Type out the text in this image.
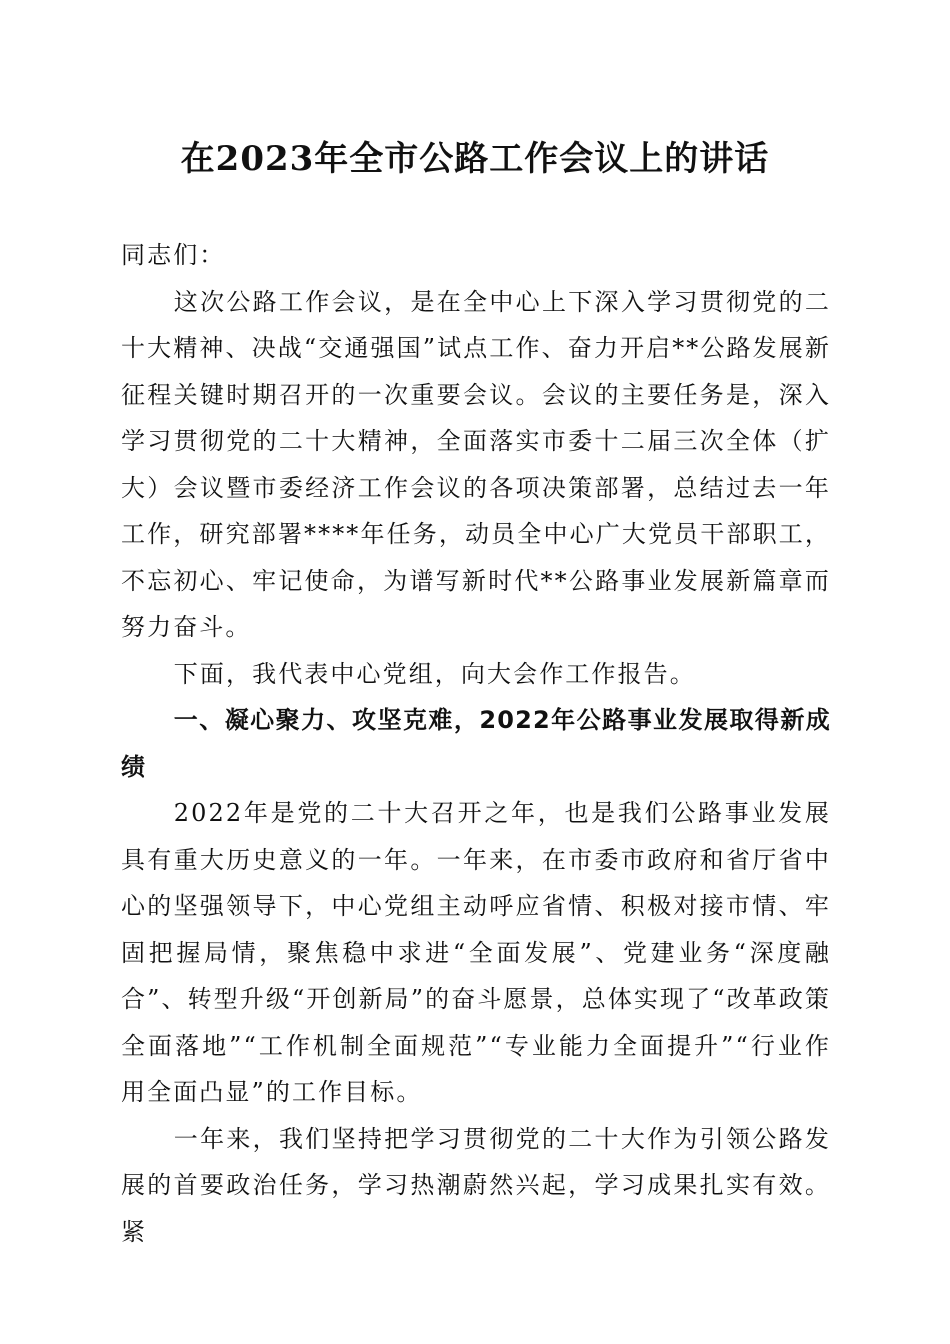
在2023年全市公路工作会议上的讲话

同志们：

这次公路工作会议，是在全中心上下深入学习贯彻党的二十大精神、决战“交通强国”试点工作、奋力开启**公路发展新征程关键时期召开的一次重要会议。会议的主要任务是，深入学习贯彻党的二十大精神，全面落实市委十二届三次全体（扩大）会议暨市委经济工作会议的各项决策部署，总结过去一年工作，研究部署****年任务，动员全中心广大党员干部职工，不忘初心、牢记使命，为谱写新时代**公路事业发展新篇章而努力奋斗。

下面，我代表中心党组，向大会作工作报告。

一、凝心聚力、攻坚克难，2022年公路事业发展取得新成绩

2022年是党的二十大召开之年，也是我们公路事业发展具有重大历史意义的一年。一年来，在市委市政府和省厅省中心的坚强领导下，中心党组主动呼应省情、积极对接市情、牢固把握局情，聚焦稳中求进“全面发展”、党建业务“深度融合”、转型升级“开创新局”的奋斗愿景，总体实现了“改革政策全面落地”“工作机制全面规范”“专业能力全面提升”“行业作用全面凸显”的工作目标。

一年来，我们坚持把学习贯彻党的二十大作为引领公路发展的首要政治任务，学习热潮蔚然兴起，学习成果扎实有效。紧
